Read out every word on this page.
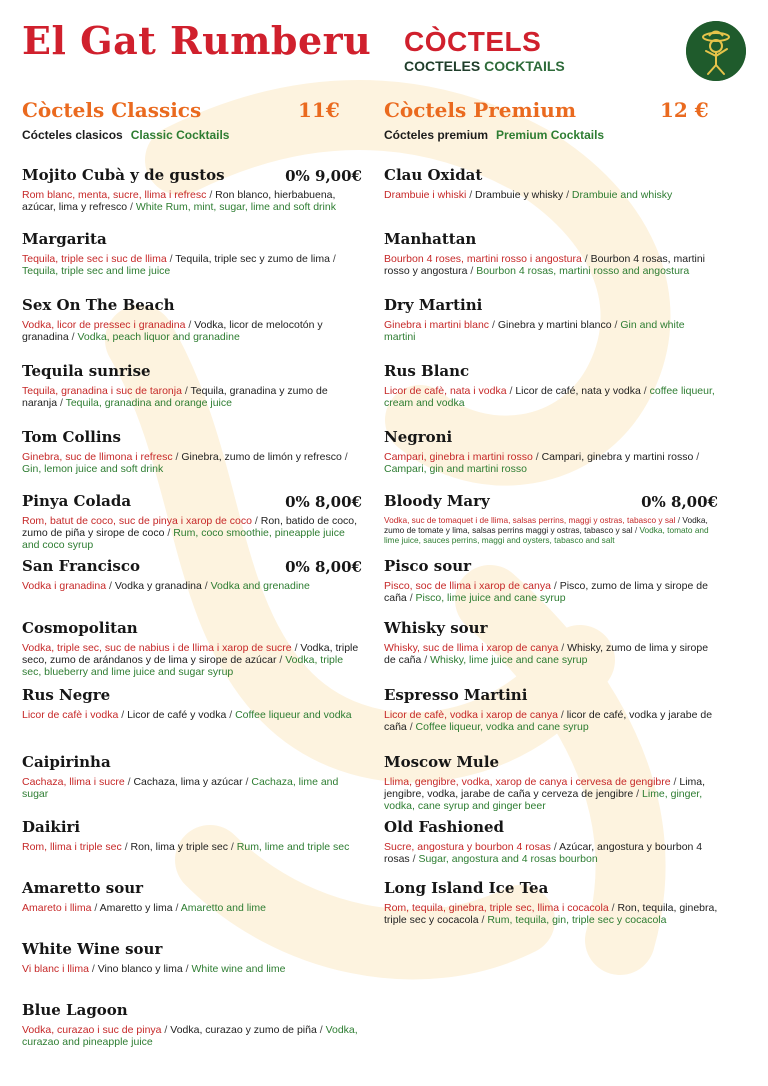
El Gat Rumberu CÒCTELS
COCTELES COCKTAILS
Còctels Classics	11€
Cócteles clasicos Classic Cocktails
Mojito Cubà y de gustos	0% 9,00€

Rom blanc, menta, sucre, llima i refresc / Ron blanco, hierbabuena, azúcar, lima y refresco / White Rum, mint, sugar, lime and soft drink

Margarita

Tequila, triple sec i suc de llima / Tequila, triple sec y zumo de lima / Tequila, triple sec and lime juice

Sex On The Beach

Vodka, licor de pressec i granadina / Vodka, licor de melocotón y granadina / Vodka, peach liquor and granadine

Tequila sunrise

Tequila, granadina i suc de taronja / Tequila, granadina y zumo de naranja / Tequila, granadina and orange juice

Tom Collins

Ginebra, suc de llimona i refresc / Ginebra, zumo de limón y refresco / Gin, lemon juice and soft drink

Pinya Colada	0% 8,00€

Rom, batut de coco, suc de pinya i xarop de coco / Ron, batido de coco, zumo de piña y sirope de coco / Rum, coco smoothie, pineapple juice and coco syrup

San Francisco	0% 8,00€

Vodka i granadina / Vodka y granadina / Vodka and grenadine

Cosmopolitan

Vodka, triple sec, suc de nabius i de llima i xarop de sucre / Vodka, triple seco, zumo de arándanos y de lima y sirope de azúcar / Vodka, triple sec, blueberry and lime juice and sugar syrup

Rus Negre

Licor de cafè i vodka / Licor de café y vodka / Coffee liqueur and vodka

Caipirinha

Cachaza, llima i sucre / Cachaza, lima y azúcar / Cachaza, lime and sugar

Daikiri

Rom, llima i triple sec / Ron, lima y triple sec / Rum, lime and triple sec

Amaretto sour

Amareto i llima / Amaretto y lima / Amaretto and lime

White Wine sour

Vi blanc i llima / Vino blanco y lima / White wine and lime

Blue Lagoon

Vodka, curazao i suc de pinya / Vodka, curazao y zumo de piña / Vodka, curazao and pineapple juice

Còctels Premium	12 €
Cócteles premium Premium Cocktails
Clau Oxidat

Drambuie i whiski / Drambuie y whisky / Drambuie and whisky

Manhattan

Bourbon 4 roses, martini rosso i angostura / Bourbon 4 rosas, martini rosso y angostura / Bourbon 4 rosas, martini rosso and angostura

Dry Martini

Ginebra i martini blanc / Ginebra y martini blanco / Gin and white martini

Rus Blanc

Licor de cafè, nata i vodka / Licor de café, nata y vodka / coffee liqueur, cream and vodka

Negroni

Campari, ginebra i martini rosso / Campari, ginebra y martini rosso / Campari, gin and martini rosso

Bloody Mary	0% 8,00€

Vodka, suc de tomaquet i de llima, salsas perrins, maggi y ostras, tabasco y sal / Vodka, zumo de tomate y lima, salsas perrins maggi y ostras, tabasco y sal / Vodka, tomato and lime juice, sauces perrins, maggi and oysters, tabasco and salt

Pisco sour

Pisco, soc de llima i xarop de canya / Pisco, zumo de lima y sirope de caña / Pisco, lime juice and cane syrup

Whisky sour

Whisky, suc de llima i xarop de canya / Whisky, zumo de lima y sirope de caña / Whisky, lime juice and cane syrup

Espresso Martini

Licor de cafè, vodka i xarop de canya / licor de café, vodka y jarabe de caña / Coffee liqueur, vodka and cane syrup

Moscow Mule

Llima, gengibre, vodka, xarop de canya i cervesa de gengibre / Lima, jengibre, vodka, jarabe de caña y cerveza de jengibre / Lime, ginger, vodka, cane syrup and ginger beer

Old Fashioned

Sucre, angostura y bourbon 4 rosas / Azúcar, angostura y bourbon 4 rosas / Sugar, angostura and 4 rosas bourbon

Long Island Ice Tea

Rom, tequila, ginebra, triple sec, llima i cocacola / Ron, tequila, ginebra, triple sec y cocacola / Rum, tequila, gin, triple sec y cocacola
